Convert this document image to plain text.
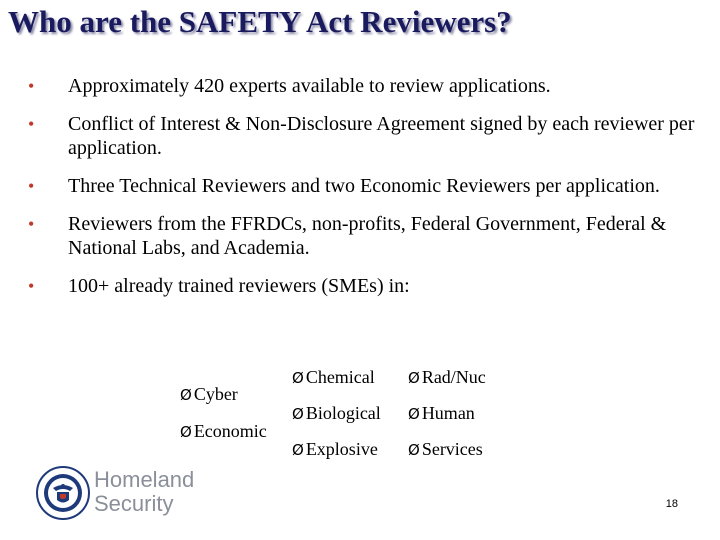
Who are the SAFETY Act Reviewers?
• Approximately 420 experts available to review applications.
• Conflict of Interest & Non-Disclosure Agreement signed by each reviewer per application.
• Three Technical Reviewers and two Economic Reviewers per application.
• Reviewers from the FFRDCs, non-profits, Federal Government, Federal & National Labs, and Academia.
• 100+ already trained reviewers (SMEs) in:
Ø Cyber
Ø Economic
Ø Chemical
Ø Biological
Ø Explosive
Ø Rad/Nuc
Ø Human
Ø Services
Homeland
Security	18
